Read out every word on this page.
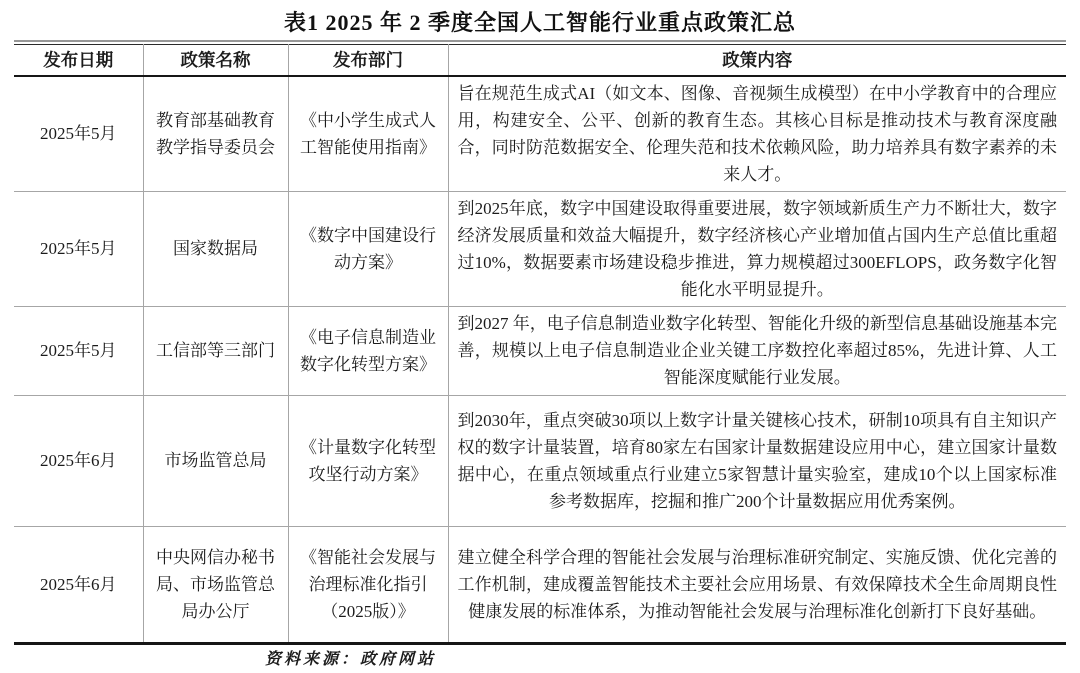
表1 2025 年 2 季度全国人工智能行业重点政策汇总
发布日期	政策名称	发布部门	政策内容
2025年5月	教育部基础教育教学指导委员会	《中小学生成式人工智能使用指南》	旨在规范生成式AI（如文本、图像、音视频生成模型）在中小学教育中的合理应用，构建安全、公平、创新的教育生态。其核心目标是推动技术与教育深度融合，同时防范数据安全、伦理失范和技术依赖风险，助力培养具有数字素养的未来人才。
2025年5月	国家数据局	《数字中国建设行动方案》	到2025年底，数字中国建设取得重要进展，数字领域新质生产力不断壮大，数字经济发展质量和效益大幅提升，数字经济核心产业增加值占国内生产总值比重超过10%，数据要素市场建设稳步推进，算力规模超过300EFLOPS，政务数字化智能化水平明显提升。
2025年5月	工信部等三部门	《电子信息制造业数字化转型方案》	到2027 年，电子信息制造业数字化转型、智能化升级的新型信息基础设施基本完善，规模以上电子信息制造业企业关键工序数控化率超过85%，先进计算、人工智能深度赋能行业发展。
2025年6月	市场监管总局	《计量数字化转型攻坚行动方案》	到2030年，重点突破30项以上数字计量关键核心技术，研制10项具有自主知识产权的数字计量装置，培育80家左右国家计量数据建设应用中心，建立国家计量数据中心，在重点领域重点行业建立5家智慧计量实验室，建成10个以上国家标准参考数据库，挖掘和推广200个计量数据应用优秀案例。
2025年6月	中央网信办秘书局、市场监管总局办公厅	《智能社会发展与治理标准化指引（2025版）》	建立健全科学合理的智能社会发展与治理标准研究制定、实施反馈、优化完善的工作机制，建成覆盖智能技术主要社会应用场景、有效保障技术全生命周期良性健康发展的标准体系，为推动智能社会发展与治理标准化创新打下良好基础。
资料来源：政府网站
